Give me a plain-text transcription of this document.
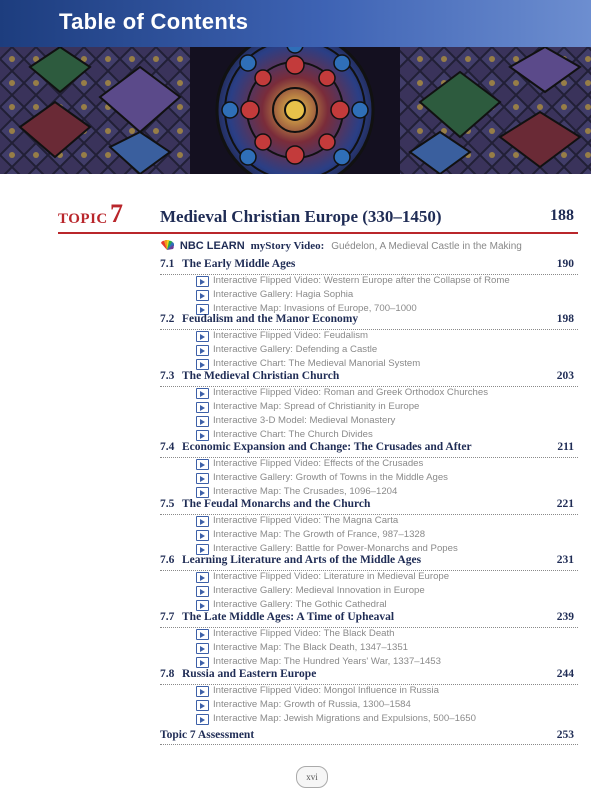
Table of Contents
TOPIC 7 Medieval Christian Europe (330–1450)	188
NBC LEARN myStory Video: Guédelon, A Medieval Castle in the Making
7.1 The Early Middle Ages	190
Interactive Flipped Video: Western Europe after the Collapse of Rome
Interactive Gallery: Hagia Sophia
Interactive Map: Invasions of Europe, 700–1000
7.2 Feudalism and the Manor Economy	198
Interactive Flipped Video: Feudalism
Interactive Gallery: Defending a Castle
Interactive Chart: The Medieval Manorial System
7.3 The Medieval Christian Church	203
Interactive Flipped Video: Roman and Greek Orthodox Churches
Interactive Map: Spread of Christianity in Europe
Interactive 3-D Model: Medieval Monastery
Interactive Chart: The Church Divides
7.4 Economic Expansion and Change: The Crusades and After	211
Interactive Flipped Video: Effects of the Crusades
Interactive Gallery: Growth of Towns in the Middle Ages
Interactive Map: The Crusades, 1096–1204
7.5 The Feudal Monarchs and the Church	221
Interactive Flipped Video: The Magna Carta
Interactive Map: The Growth of France, 987–1328
Interactive Gallery: Battle for Power-Monarchs and Popes
7.6 Learning Literature and Arts of the Middle Ages	231
Interactive Flipped Video: Literature in Medieval Europe
Interactive Gallery: Medieval Innovation in Europe
Interactive Gallery: The Gothic Cathedral
7.7 The Late Middle Ages: A Time of Upheaval	239
Interactive Flipped Video: The Black Death
Interactive Map: The Black Death, 1347–1351
Interactive Map: The Hundred Years' War, 1337–1453
7.8 Russia and Eastern Europe	244
Interactive Flipped Video: Mongol Influence in Russia
Interactive Map: Growth of Russia, 1300–1584
Interactive Map: Jewish Migrations and Expulsions, 500–1650
Topic 7 Assessment	253
xvi
